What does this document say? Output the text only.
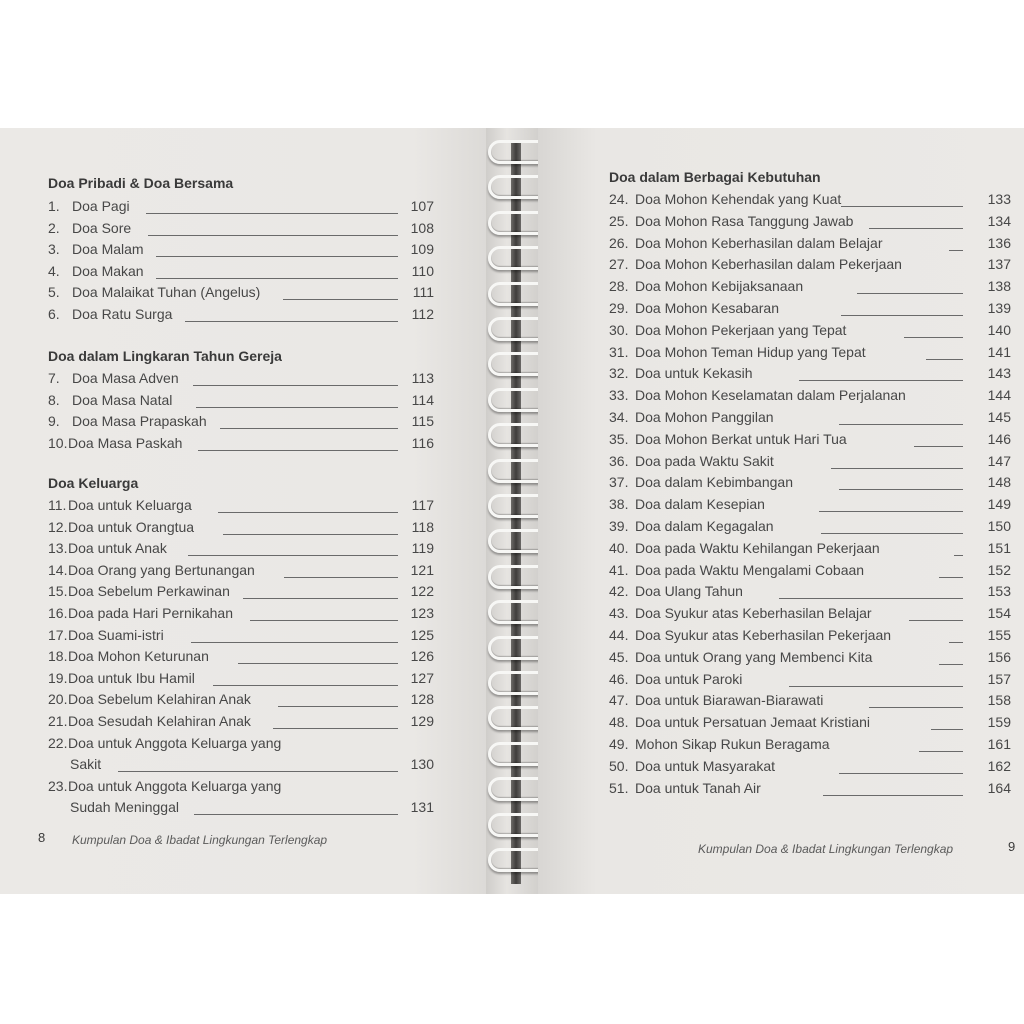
Doa Pribadi & Doa Bersama
Doa dalam Lingkaran Tahun Gereja
Doa Keluarga
1. Doa Pagi	107
2. Doa Sore	108
3. Doa Malam	109
4. Doa Makan	110
5. Doa Malaikat Tuhan (Angelus)	111
6. Doa Ratu Surga	112
7. Doa Masa Adven	113
8. Doa Masa Natal	114
9. Doa Masa Prapaskah	115
10. Doa Masa Paskah	116
11. Doa untuk Keluarga	117
12. Doa untuk Orangtua	118
13. Doa untuk Anak	119
14. Doa Orang yang Bertunangan	121
15. Doa Sebelum Perkawinan	122
16. Doa pada Hari Pernikahan	123
17. Doa Suami-istri	125
18. Doa Mohon Keturunan	126
19. Doa untuk Ibu Hamil	127
20. Doa Sebelum Kelahiran Anak	128
21. Doa Sesudah Kelahiran Anak	129
22. Doa untuk Anggota Keluarga yang
Sakit	130
23. Doa untuk Anggota Keluarga yang
Sudah Meninggal	131
8 Kumpulan Doa & Ibadat Lingkungan Terlengkap
Doa dalam Berbagai Kebutuhan
24. Doa Mohon Kehendak yang Kuat	133
25. Doa Mohon Rasa Tanggung Jawab	134
26. Doa Mohon Keberhasilan dalam Belajar	136
27. Doa Mohon Keberhasilan dalam Pekerjaan	137
28. Doa Mohon Kebijaksanaan	138
29. Doa Mohon Kesabaran	139
30. Doa Mohon Pekerjaan yang Tepat	140
31. Doa Mohon Teman Hidup yang Tepat	141
32. Doa untuk Kekasih	143
33. Doa Mohon Keselamatan dalam Perjalanan	144
34. Doa Mohon Panggilan	145
35. Doa Mohon Berkat untuk Hari Tua	146
36. Doa pada Waktu Sakit	147
37. Doa dalam Kebimbangan	148
38. Doa dalam Kesepian	149
39. Doa dalam Kegagalan	150
40. Doa pada Waktu Kehilangan Pekerjaan	151
41. Doa pada Waktu Mengalami Cobaan	152
42. Doa Ulang Tahun	153
43. Doa Syukur atas Keberhasilan Belajar	154
44. Doa Syukur atas Keberhasilan Pekerjaan	155
45. Doa untuk Orang yang Membenci Kita	156
46. Doa untuk Paroki	157
47. Doa untuk Biarawan-Biarawati	158
48. Doa untuk Persatuan Jemaat Kristiani	159
49. Mohon Sikap Rukun Beragama	161
50. Doa untuk Masyarakat	162
51. Doa untuk Tanah Air	164
Kumpulan Doa & Ibadat Lingkungan Terlengkap	9
